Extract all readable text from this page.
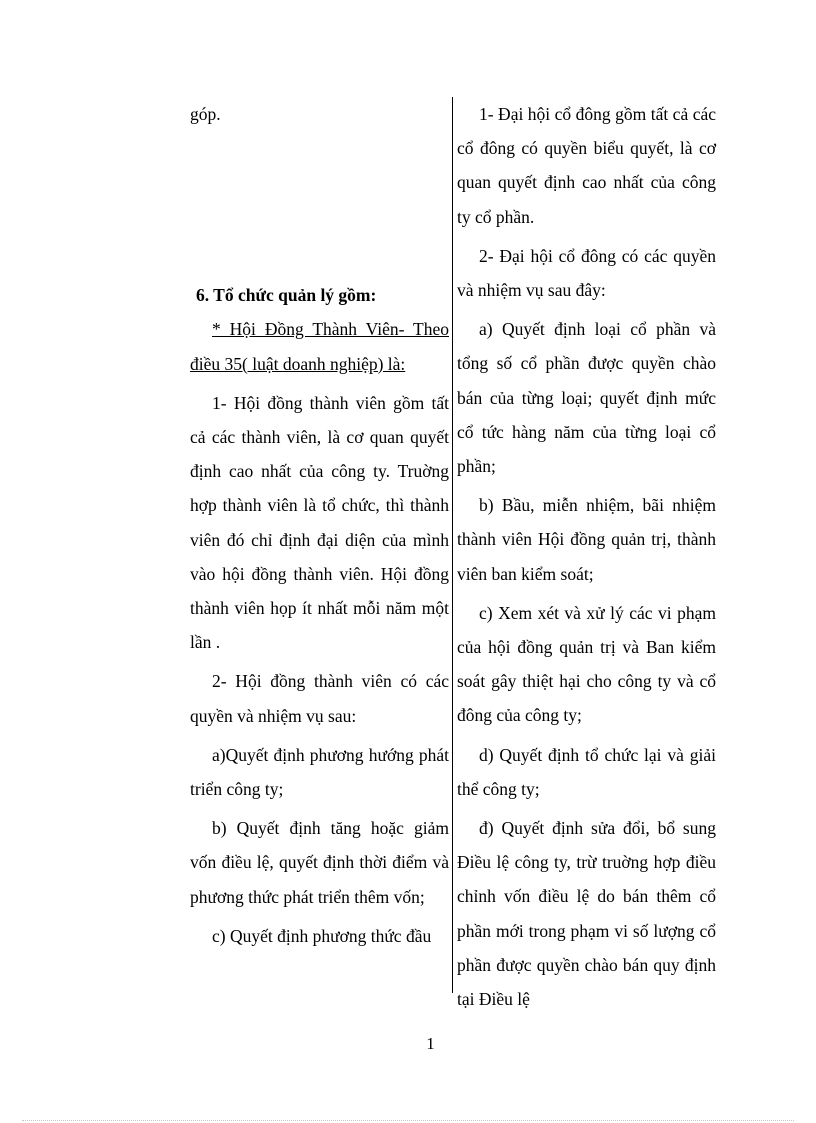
góp.

6. Tổ chức quản lý gồm:

* Hội Đồng Thành Viên- Theo điều 35( luật doanh nghiệp) là:

1- Hội đồng thành viên gồm tất cả các thành viên, là cơ quan quyết định cao nhất của công ty. Truờng hợp thành viên là tổ chức, thì thành viên đó chỉ định đại diện của mình vào hội đồng thành viên. Hội đồng thành viên họp ít nhất mỗi năm một lần .

2- Hội đồng thành viên có các quyền và nhiệm vụ sau:

a)Quyết định phương hướng phát triển công ty;

b) Quyết định tăng hoặc giảm vốn điều lệ, quyết định thời điểm và phương thức phát triển thêm vốn;

c) Quyết định phương thức đầu

1- Đại hội cổ đông gồm tất cả các cổ đông có quyền biểu quyết, là cơ quan quyết định cao nhất của công ty cổ phần.

2- Đại hội cổ đông có các quyền và nhiệm vụ sau đây:

a) Quyết định loại cổ phần và tổng số cổ phần được quyền chào bán của từng loại; quyết định mức cổ tức hàng năm của từng loại cổ phần;

b) Bầu, miễn nhiệm, bãi nhiệm thành viên Hội đồng quản trị, thành viên ban kiểm soát;

c) Xem xét và xử lý các vi phạm của hội đồng quản trị và Ban kiểm soát gây thiệt hại cho công ty và cổ đông của công ty;

d) Quyết định tổ chức lại và giải thể công ty;

đ) Quyết định sửa đổi, bổ sung Điều lệ công ty, trừ truờng hợp điều chỉnh vốn điều lệ do bán thêm cổ phần mới trong phạm vi số lượng cổ phần được quyền chào bán quy định tại Điều lệ

1
